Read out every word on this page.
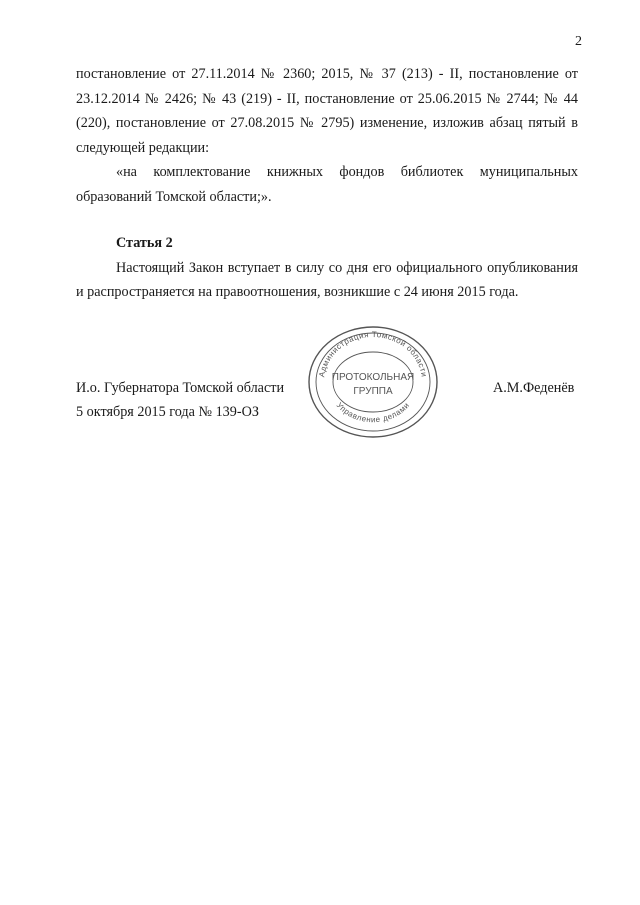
2

постановление от 27.11.2014 № 2360; 2015, № 37 (213) - II, постановление от 23.12.2014 № 2426; № 43 (219) - II, постановление от 25.06.2015 № 2744; № 44 (220), постановление от 27.08.2015 № 2795) изменение, изложив абзац пятый в следующей редакции:

«на комплектование книжных фондов библиотек муниципальных образований Томской области;».

Статья 2

Настоящий Закон вступает в силу со дня его официального опубликования и распространяется на правоотношения, возникшие с 24 июня 2015 года.

И.о. Губернатора Томской области
5 октября 2015 года № 139-ОЗ
А.М.Феденёв
Администрация Томской области
Управление делами
ПРОТОКОЛЬНАЯ
ГРУППА
